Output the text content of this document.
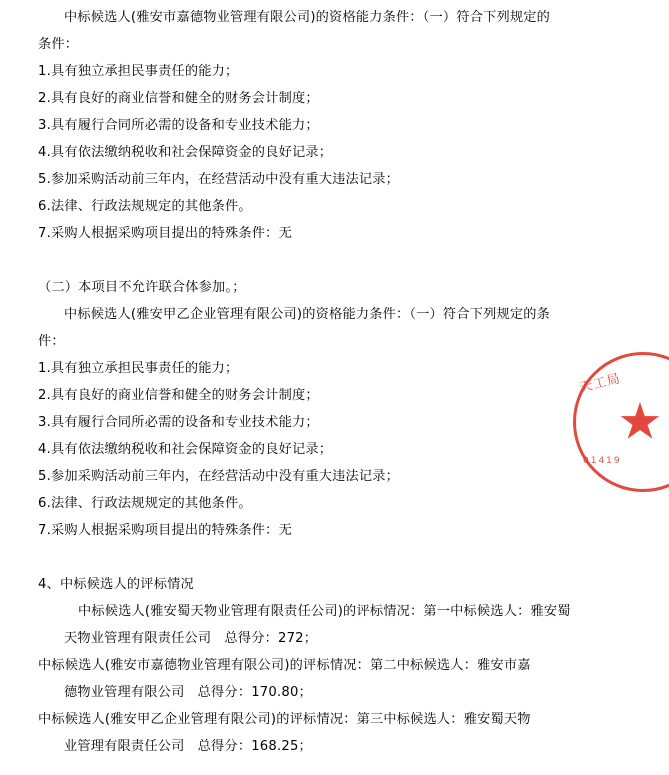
天工局
01419

中标候选人(雅安市嘉德物业管理有限公司)的资格能力条件：（一）符合下列规定的

条件：

1.具有独立承担民事责任的能力；

2.具有良好的商业信誉和健全的财务会计制度；

3.具有履行合同所必需的设备和专业技术能力；

4.具有依法缴纳税收和社会保障资金的良好记录；

5.参加采购活动前三年内，在经营活动中没有重大违法记录；

6.法律、行政法规规定的其他条件。

7.采购人根据采购项目提出的特殊条件：无

（二）本项目不允许联合体参加。；

中标候选人(雅安甲乙企业管理有限公司)的资格能力条件：（一）符合下列规定的条

件：

1.具有独立承担民事责任的能力；

2.具有良好的商业信誉和健全的财务会计制度；

3.具有履行合同所必需的设备和专业技术能力；

4.具有依法缴纳税收和社会保障资金的良好记录；

5.参加采购活动前三年内，在经营活动中没有重大违法记录；

6.法律、行政法规规定的其他条件。

7.采购人根据采购项目提出的特殊条件：无

4、中标候选人的评标情况

中标候选人(雅安蜀天物业管理有限责任公司)的评标情况：第一中标候选人：雅安蜀

天物业管理有限责任公司   总得分：272；

中标候选人(雅安市嘉德物业管理有限公司)的评标情况：第二中标候选人：雅安市嘉

德物业管理有限公司   总得分：170.80；

中标候选人(雅安甲乙企业管理有限公司)的评标情况：第三中标候选人：雅安蜀天物

业管理有限责任公司   总得分：168.25；
